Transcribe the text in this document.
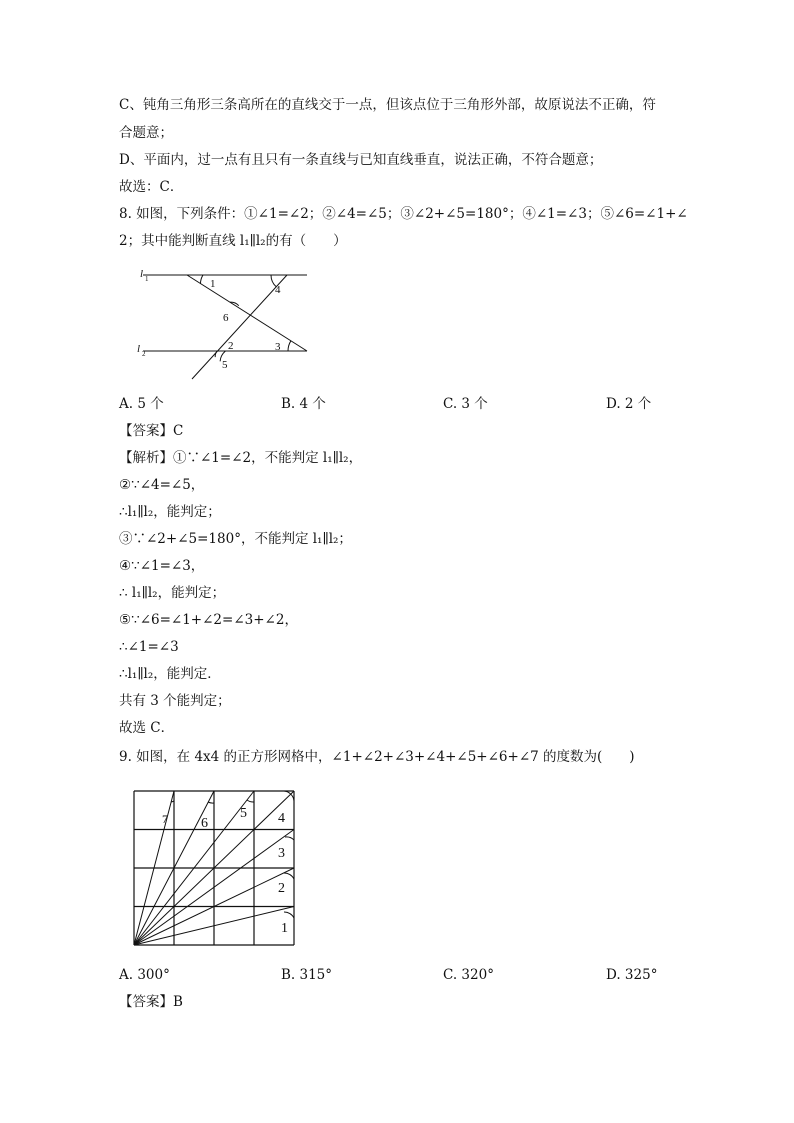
C、钝角三角形三条高所在的直线交于一点，但该点位于三角形外部，故原说法不正确，符
合题意；
D、平面内，过一点有且只有一条直线与已知直线垂直，说法正确，不符合题意；
故选：C．
8. 如图，下列条件：①∠1=∠2；②∠4=∠5；③∠2+∠5=180°；④∠1=∠3；⑤∠6=∠1+∠
2；其中能判断直线 l₁∥l₂的有（　　）
l 1
l 2
1
2	3
4
5
6
A. 5 个	B. 4 个	C. 3 个	D. 2 个
【答案】C
【解析】①∵∠1=∠2，不能判定 l₁∥l₂，
②∵∠4=∠5，
∴l₁∥l₂，能判定；
③∵∠2+∠5=180°，不能判定 l₁∥l₂；
④∵∠1=∠3，
∴ l₁∥l₂，能判定；
⑤∵∠6=∠1+∠2=∠3+∠2，
∴∠1=∠3
∴l₁∥l₂，能判定．
共有 3 个能判定；
故选 C．
9. 如图，在 4x4 的正方形网格中，∠1+∠2+∠3+∠4+∠5+∠6+∠7 的度数为(　　)
1
2
3
4
5
6
7
A. 300°	B. 315°	C. 320°	D. 325°
【答案】B
